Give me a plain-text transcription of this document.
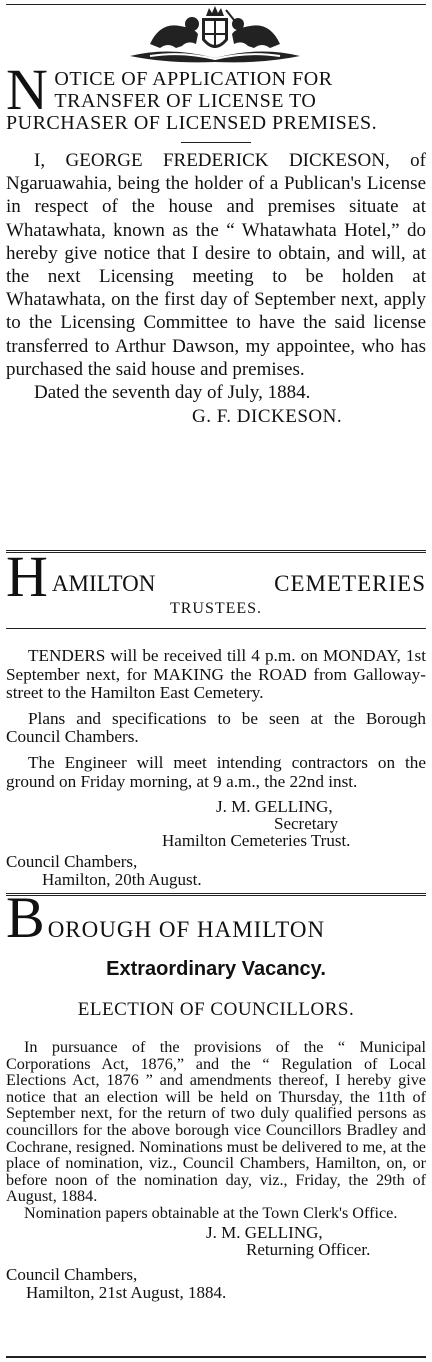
N OTICE OF APPLICATION FOR TRANSFER OF LICENSE TO PURCHASER OF LICENSED PREMISES.

I, GEORGE FREDERICK DICKESON, of Ngaruawahia, being the holder of a Publican's License in respect of the house and premises situate at Whatawhata, known as the “ Whatawhata Hotel,” do hereby give notice that I desire to obtain, and will, at the next Licensing meeting to be holden at Whatawhata, on the first day of September next, apply to the Licensing Committee to have the said license transferred to Arthur Dawson, my appointee, who has purchased the said house and premises.

Dated the seventh day of July, 1884.
G. F. DICKESON.
H AMILTON	CEMETERIES
TRUSTEES.

TENDERS will be received till 4 p.m. on MONDAY, 1st September next, for MAKING the ROAD from Galloway-street to the Hamilton East Cemetery.

Plans and specifications to be seen at the Borough Council Chambers.

The Engineer will meet intending contractors on the ground on Friday morning, at 9 a.m., the 22nd inst.

J. M. GELLING,
Secretary
Hamilton Cemeteries Trust.
Council Chambers,
Hamilton, 20th August.
BOROUGH OF HAMILTON
Extraordinary Vacancy.
ELECTION OF COUNCILLORS.

In pursuance of the provisions of the “ Municipal Corporations Act, 1876,” and the “ Regulation of Local Elections Act, 1876 ” and amendments thereof, I hereby give notice that an election will be held on Thursday, the 11th of September next, for the return of two duly qualified persons as councillors for the above borough vice Councillors Bradley and Cochrane, resigned. Nominations must be delivered to me, at the place of nomination, viz., Council Chambers, Hamilton, on, or before noon of the nomination day, viz., Friday, the 29th of August, 1884.

Nomination papers obtainable at the Town Clerk's Office.

J. M. GELLING,
Returning Officer.
Council Chambers,
Hamilton, 21st August, 1884.
